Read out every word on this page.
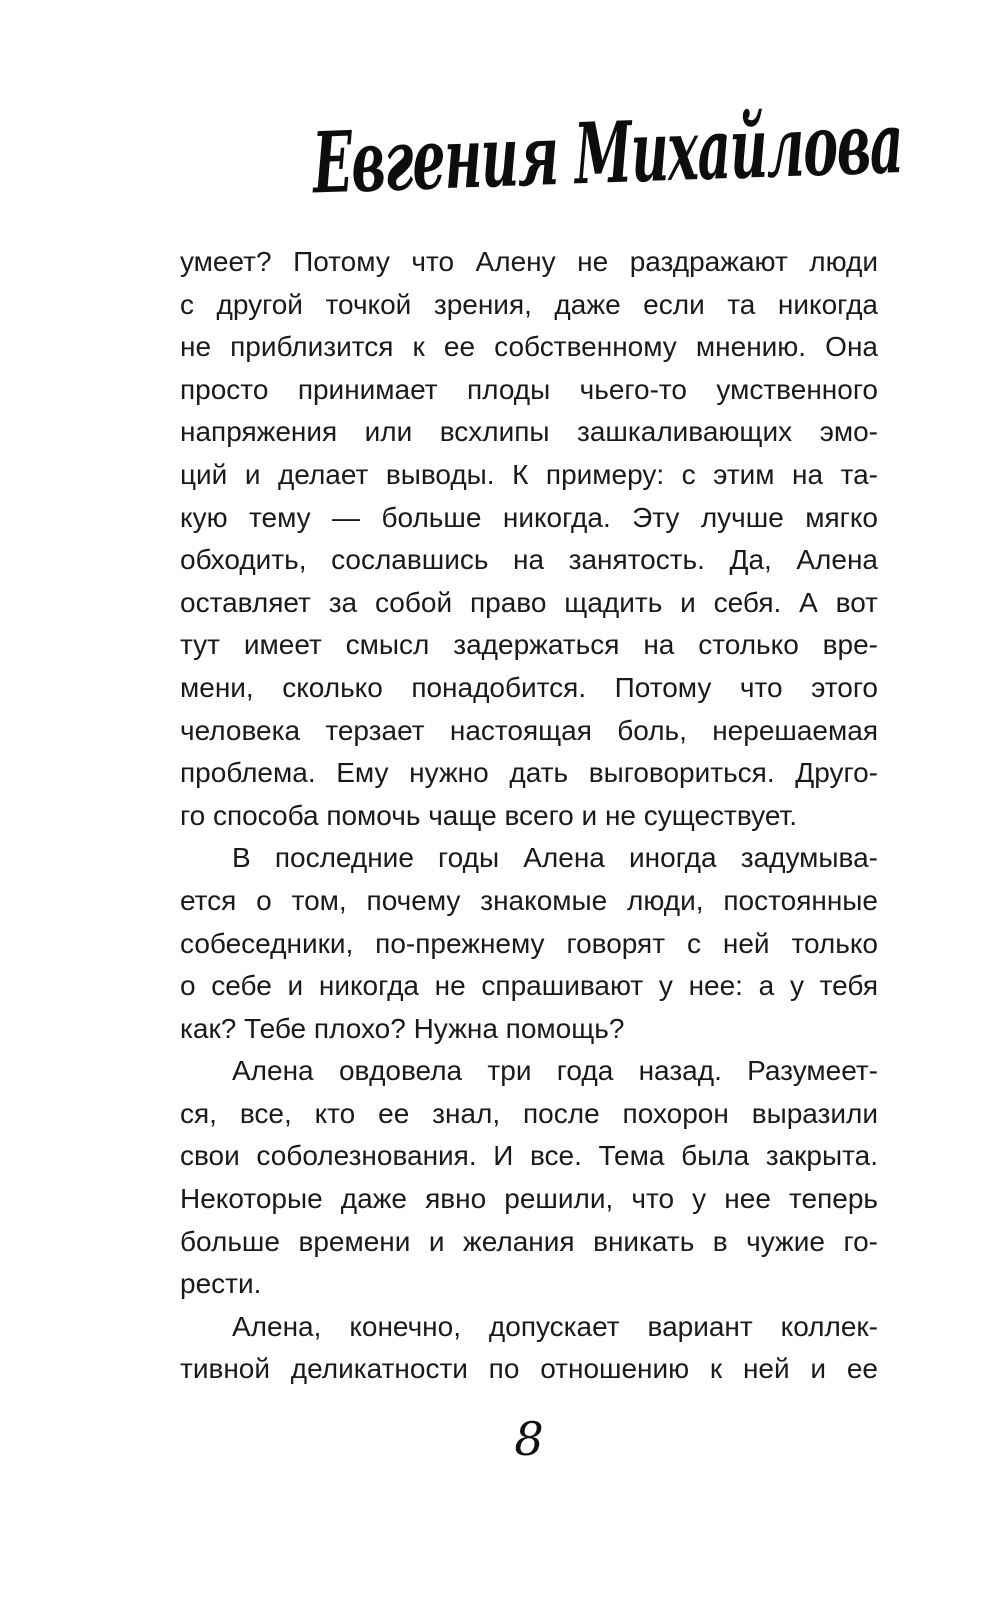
Евгения Михайлова
умеет? Потому что Алену не раздражают люди
с другой точкой зрения, даже если та никогда
не приблизится к ее собственному мнению. Она
просто принимает плоды чьего-то умственного
напряжения или всхлипы зашкаливающих эмо-
ций и делает выводы. К примеру: с этим на та-
кую тему — больше никогда. Эту лучше мягко
обходить, сославшись на занятость. Да, Алена
оставляет за собой право щадить и себя. А вот
тут имеет смысл задержаться на столько вре-
мени, сколько понадобится. Потому что этого
человека терзает настоящая боль, нерешаемая
проблема. Ему нужно дать выговориться. Друго-
го способа помочь чаще всего и не существует.
В последние годы Алена иногда задумыва-
ется о том, почему знакомые люди, постоянные
собеседники, по-прежнему говорят с ней только
о себе и никогда не спрашивают у нее: а у тебя
как? Тебе плохо? Нужна помощь?
Алена овдовела три года назад. Разумеет-
ся, все, кто ее знал, после похорон выразили
свои соболезнования. И все. Тема была закрыта.
Некоторые даже явно решили, что у нее теперь
больше времени и желания вникать в чужие го-
рести.
Алена, конечно, допускает вариант коллек-
тивной деликатности по отношению к ней и ее
8
